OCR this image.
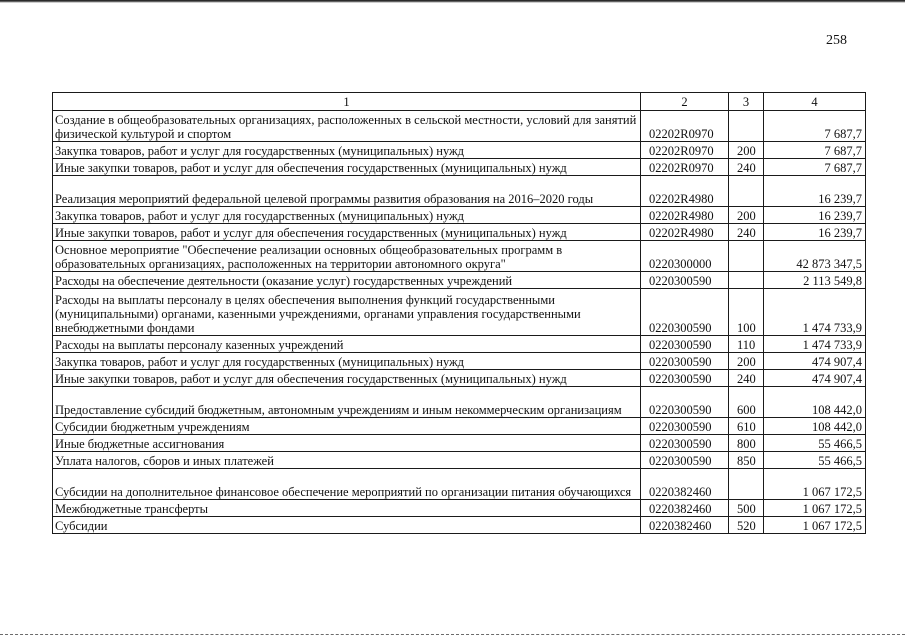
258
1	2	3	4
Создание в общеобразовательных организациях, расположенных в сельской местности, условий для занятий физической культурой и спортом	02202R0970		7 687,7
Закупка товаров, работ и услуг для государственных (муниципальных) нужд	02202R0970	200	7 687,7
Иные закупки товаров, работ и услуг для обеспечения государственных (муниципальных) нужд	02202R0970	240	7 687,7
Реализация мероприятий федеральной целевой программы развития образования на 2016–2020 годы	02202R4980		16 239,7
Закупка товаров, работ и услуг для государственных (муниципальных) нужд	02202R4980	200	16 239,7
Иные закупки товаров, работ и услуг для обеспечения государственных (муниципальных) нужд	02202R4980	240	16 239,7
Основное мероприятие "Обеспечение реализации основных общеобразовательных программ в образовательных организациях, расположенных на территории автономного округа"	0220300000		42 873 347,5
Расходы на обеспечение деятельности (оказание услуг) государственных учреждений	0220300590		2 113 549,8
Расходы на выплаты персоналу в целях обеспечения выполнения функций государственными (муниципальными) органами, казенными учреждениями, органами управления государственными внебюджетными фондами	0220300590	100	1 474 733,9
Расходы на выплаты персоналу казенных учреждений	0220300590	110	1 474 733,9
Закупка товаров, работ и услуг для государственных (муниципальных) нужд	0220300590	200	474 907,4
Иные закупки товаров, работ и услуг для обеспечения государственных (муниципальных) нужд	0220300590	240	474 907,4
Предоставление субсидий бюджетным, автономным учреждениям и иным некоммерческим организациям	0220300590	600	108 442,0
Субсидии бюджетным учреждениям	0220300590	610	108 442,0
Иные бюджетные ассигнования	0220300590	800	55 466,5
Уплата налогов, сборов и иных платежей	0220300590	850	55 466,5
Субсидии на дополнительное финансовое обеспечение мероприятий по организации питания обучающихся	0220382460		1 067 172,5
Межбюджетные трансферты	0220382460	500	1 067 172,5
Субсидии	0220382460	520	1 067 172,5
